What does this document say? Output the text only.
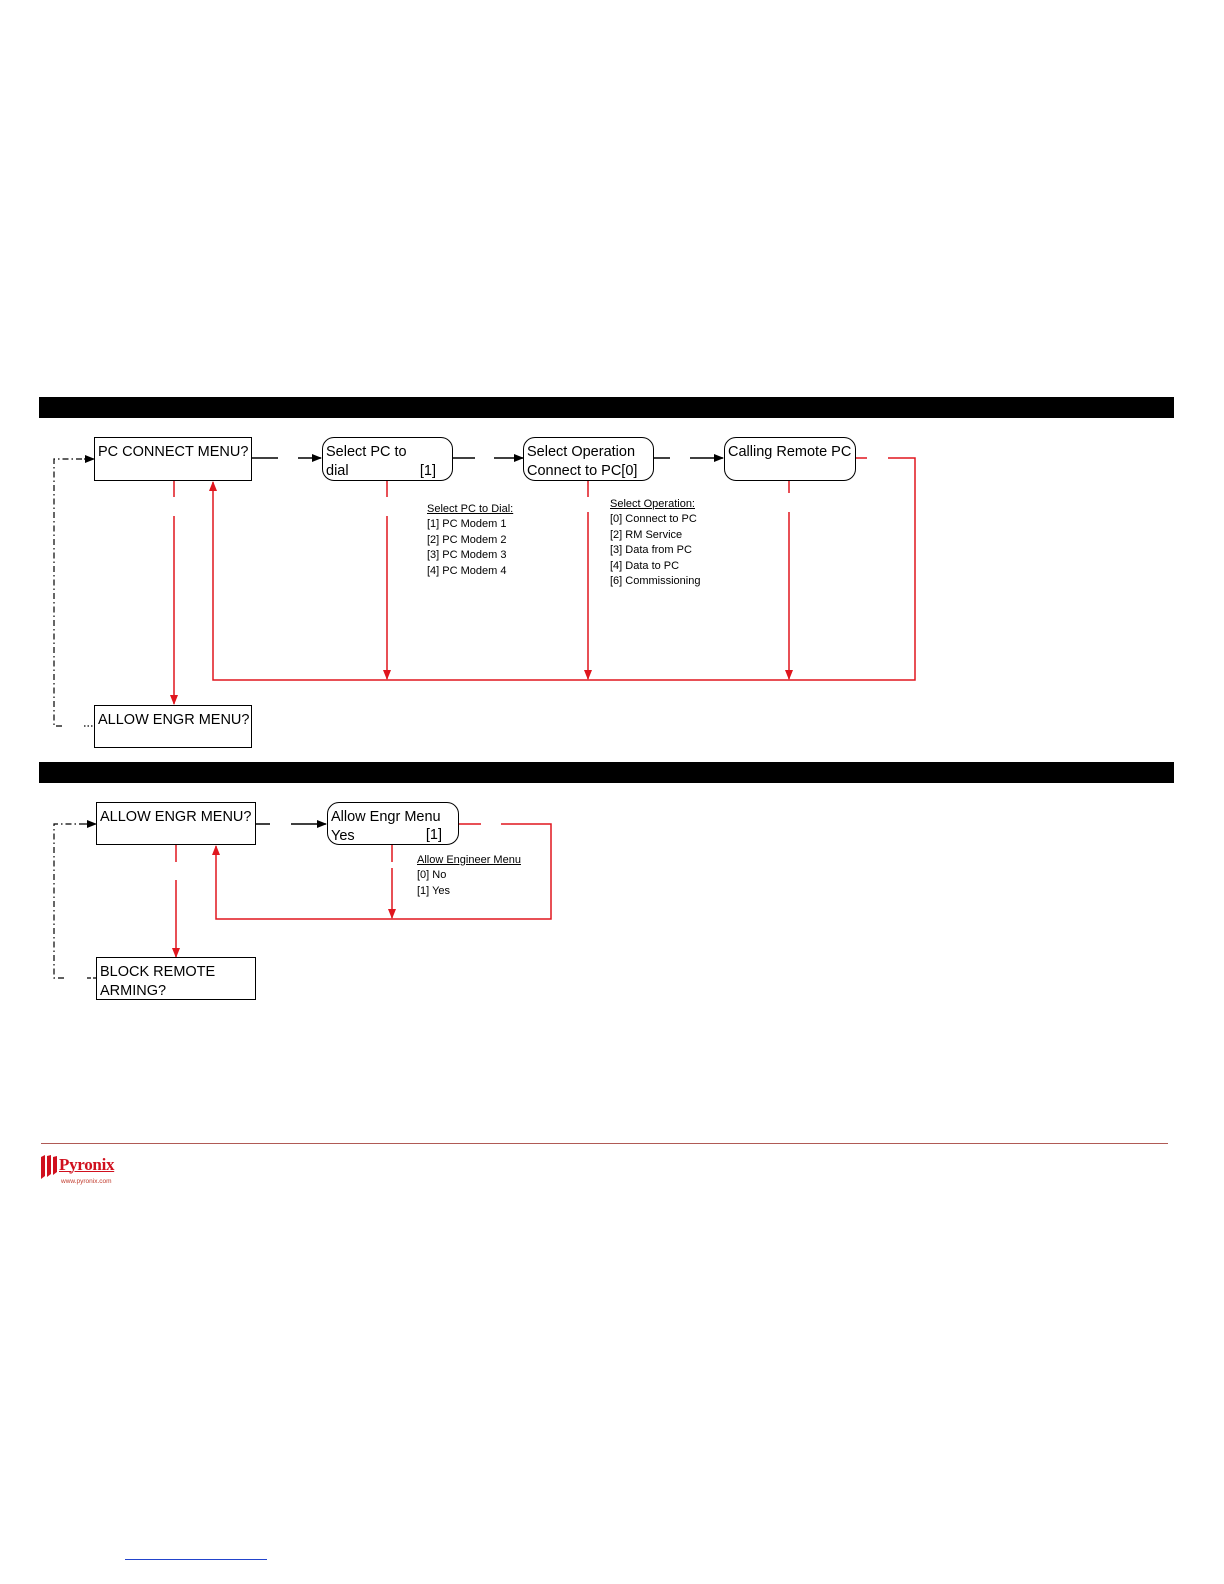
PC CONNECT MENU?	Select PC to
dial	[1]
Select Operation
Connect to PC[0]
Calling Remote PC
ALLOW ENGR MENU?
Select PC to Dial:
[1] PC Modem 1
[2] PC Modem 2
[3] PC Modem 3
[4] PC Modem 4
Select Operation:
[0] Connect to PC
[2] RM Service
[3] Data from PC
[4] Data to PC
[6] Commissioning
ALLOW ENGR MENU?	Allow Engr Menu
Yes	[1]
BLOCK REMOTE
ARMING?
Allow Engineer Menu
[0] No
[1] Yes
Pyronix
www.pyronix.com
